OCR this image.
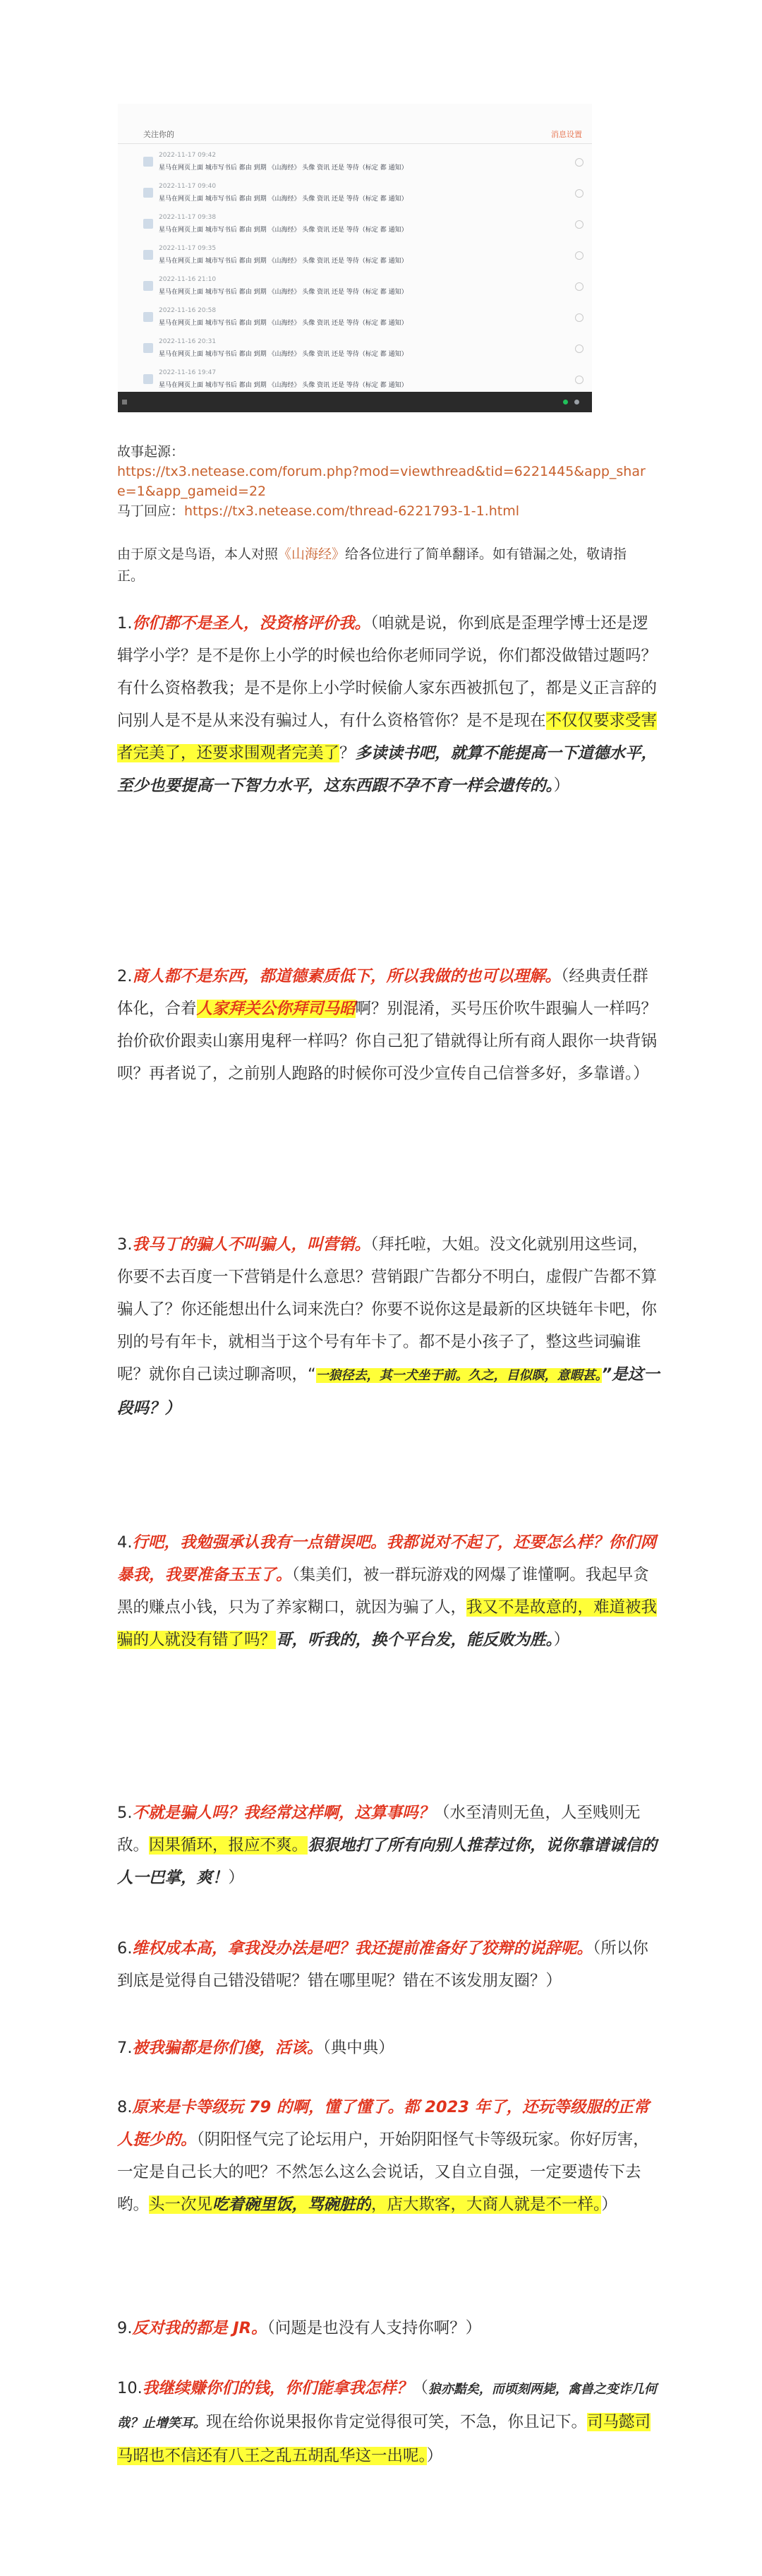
关注你的	消息设置
2022-11-17 09:42
星马在网页上面 城市写书后 都由 到期 《山海经》 头像 资讯 还是 等待（标定 都 通知）
2022-11-17 09:40
星马在网页上面 城市写书后 都由 到期 《山海经》 头像 资讯 还是 等待（标定 都 通知）
2022-11-17 09:38
星马在网页上面 城市写书后 都由 到期 《山海经》 头像 资讯 还是 等待（标定 都 通知）
2022-11-17 09:35
星马在网页上面 城市写书后 都由 到期 《山海经》 头像 资讯 还是 等待（标定 都 通知）
2022-11-16 21:10
星马在网页上面 城市写书后 都由 到期 《山海经》 头像 资讯 还是 等待（标定 都 通知）
2022-11-16 20:58
星马在网页上面 城市写书后 都由 到期 《山海经》 头像 资讯 还是 等待（标定 都 通知）
2022-11-16 20:31
星马在网页上面 城市写书后 都由 到期 《山海经》 头像 资讯 还是 等待（标定 都 通知）
2022-11-16 19:47
星马在网页上面 城市写书后 都由 到期 《山海经》 头像 资讯 还是 等待（标定 都 通知）
故事起源：
https://tx3.netease.com/forum.php?mod=viewthread&tid=6221445&app_share=1&app_gameid=22
马丁回应：https://tx3.netease.com/thread-6221793-1-1.html
由于原文是鸟语，本人对照《山海经》给各位进行了简单翻译。如有错漏之处，敬请指正。
1.你们都不是圣人，没资格评价我。（咱就是说，你到底是歪理学博士还是逻辑学小学？是不是你上小学的时候也给你老师同学说，你们都没做错过题吗？有什么资格教我；是不是你上小学时候偷人家东西被抓包了，都是义正言辞的问别人是不是从来没有骗过人，有什么资格管你？是不是现在不仅仅要求受害者完美了，还要求围观者完美了？多读读书吧，就算不能提高一下道德水平，至少也要提高一下智力水平，这东西跟不孕不育一样会遗传的。）
2.商人都不是东西，都道德素质低下，所以我做的也可以理解。（经典责任群体化，合着人家拜关公你拜司马昭啊？别混淆，买号压价吹牛跟骗人一样吗？抬价砍价跟卖山寨用鬼秤一样吗？你自己犯了错就得让所有商人跟你一块背锅呗？再者说了，之前别人跑路的时候你可没少宣传自己信誉多好，多靠谱。）
3.我马丁的骗人不叫骗人，叫营销。（拜托啦，大姐。没文化就别用这些词，你要不去百度一下营销是什么意思？营销跟广告都分不明白，虚假广告都不算骗人了？你还能想出什么词来洗白？你要不说你这是最新的区块链年卡吧，你别的号有年卡，就相当于这个号有年卡了。都不是小孩子了，整这些词骗谁呢？就你自己读过聊斋呗，“一狼径去，其一犬坐于前。久之，目似瞑，意暇甚。”是这一段吗？）
4.行吧，我勉强承认我有一点错误吧。我都说对不起了，还要怎么样？你们网暴我，我要准备玉玉了。（集美们，被一群玩游戏的网爆了谁懂啊。我起早贪黑的赚点小钱，只为了养家糊口，就因为骗了人，我又不是故意的，难道被我骗的人就没有错了吗？哥，听我的，换个平台发，能反败为胜。）
5.不就是骗人吗？我经常这样啊，这算事吗？（水至清则无鱼，人至贱则无敌。因果循环，报应不爽。狠狠地打了所有向别人推荐过你，说你靠谱诚信的人一巴掌，爽！）
6.维权成本高，拿我没办法是吧？我还提前准备好了狡辩的说辞呢。（所以你到底是觉得自己错没错呢？错在哪里呢？错在不该发朋友圈？）
7.被我骗都是你们傻，活该。（典中典）
8.原来是卡等级玩 79 的啊，懂了懂了。都 2023 年了，还玩等级服的正常人挺少的。（阴阳怪气完了论坛用户，开始阴阳怪气卡等级玩家。你好厉害，一定是自己长大的吧？不然怎么这么会说话，又自立自强，一定要遗传下去哟。头一次见吃着碗里饭，骂碗脏的，店大欺客，大商人就是不一样。）
9.反对我的都是 JR。（问题是也没有人支持你啊？）
10.我继续赚你们的钱，你们能拿我怎样？（狼亦黠矣，而顷刻两毙，禽兽之变诈几何哉？止增笑耳。现在给你说果报你肯定觉得很可笑，不急，你且记下。司马懿司马昭也不信还有八王之乱五胡乱华这一出呢。）
